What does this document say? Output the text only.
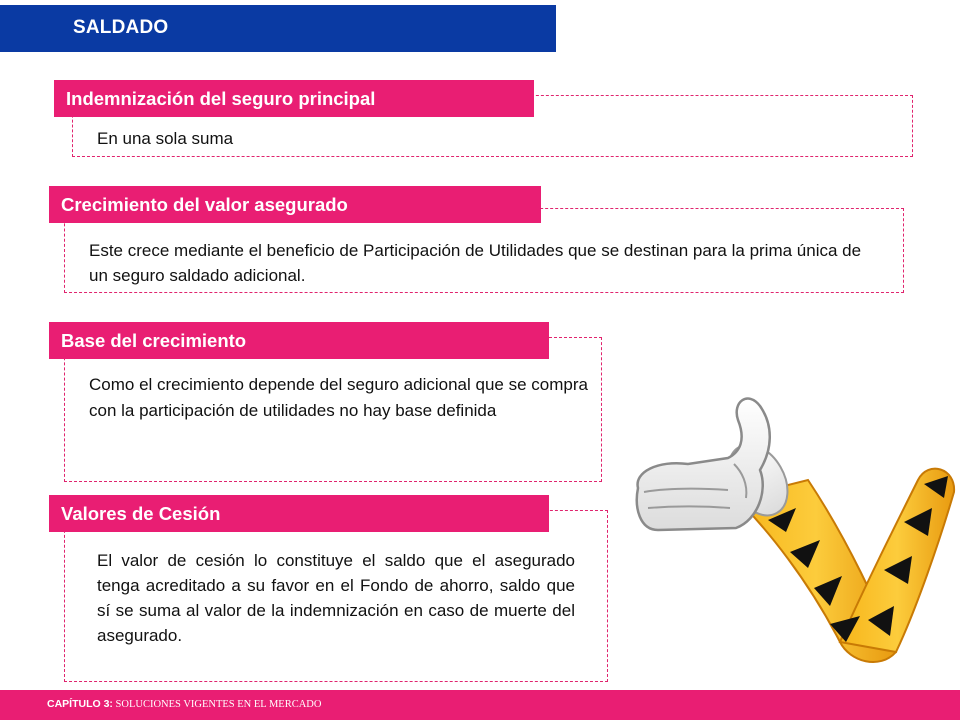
SALDADO
Indemnización del seguro principal
En una sola suma
Crecimiento del valor asegurado
Este crece mediante el beneficio de Participación de Utilidades que se destinan para la prima única de un seguro saldado adicional.
Base del crecimiento
Como el crecimiento depende del seguro adicional que se compra con la participación de utilidades no hay base definida
Valores de Cesión
El valor de cesión lo constituye el saldo que el asegurado tenga acreditado a su favor en el Fondo de ahorro, saldo que sí se suma al valor de la indemnización en caso de muerte del asegurado.
CAPÍTULO 3: SOLUCIONES VIGENTES EN EL MERCADO
